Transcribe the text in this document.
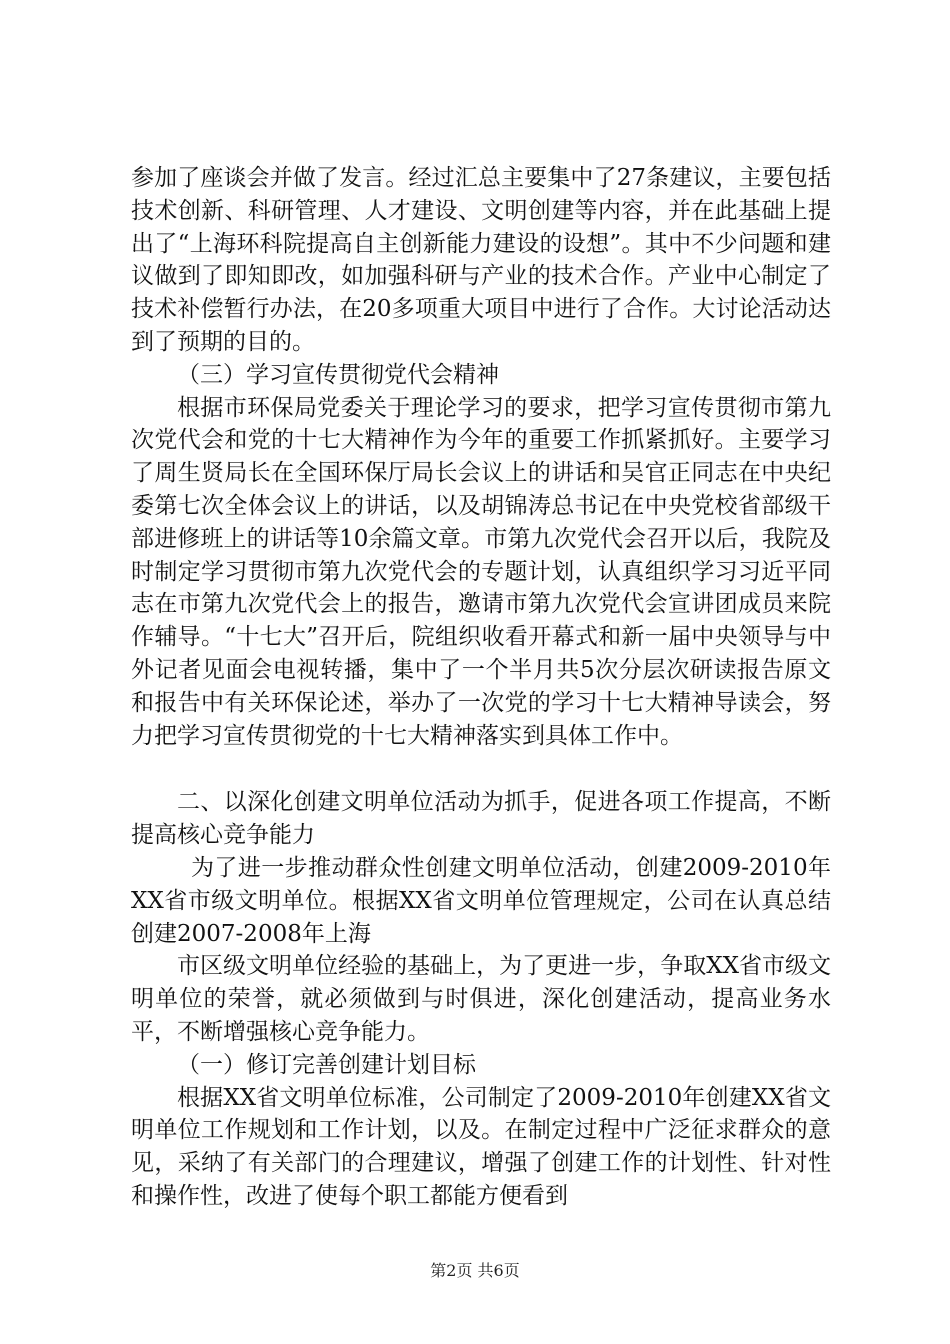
参加了座谈会并做了发言。经过汇总主要集中了27条建议，主要包括技术创新、科研管理、人才建设、文明创建等内容，并在此基础上提出了“上海环科院提高自主创新能力建设的设想”。其中不少问题和建议做到了即知即改，如加强科研与产业的技术合作。产业中心制定了技术补偿暂行办法，在20多项重大项目中进行了合作。大讨论活动达到了预期的目的。

（三）学习宣传贯彻党代会精神

根据市环保局党委关于理论学习的要求，把学习宣传贯彻市第九次党代会和党的十七大精神作为今年的重要工作抓紧抓好。主要学习了周生贤局长在全国环保厅局长会议上的讲话和吴官正同志在中央纪委第七次全体会议上的讲话，以及胡锦涛总书记在中央党校省部级干部进修班上的讲话等10余篇文章。市第九次党代会召开以后，我院及时制定学习贯彻市第九次党代会的专题计划，认真组织学习习近平同志在市第九次党代会上的报告，邀请市第九次党代会宣讲团成员来院作辅导。“十七大”召开后，院组织收看开幕式和新一届中央领导与中外记者见面会电视转播，集中了一个半月共5次分层次研读报告原文和报告中有关环保论述，举办了一次党的学习十七大精神导读会，努力把学习宣传贯彻党的十七大精神落实到具体工作中。

二、以深化创建文明单位活动为抓手，促进各项工作提高，不断提高核心竞争能力

为了进一步推动群众性创建文明单位活动，创建2009-2010年XX省市级文明单位。根据XX省文明单位管理规定，公司在认真总结创建2007-2008年上海

市区级文明单位经验的基础上，为了更进一步，争取XX省市级文明单位的荣誉，就必须做到与时俱进，深化创建活动，提高业务水平，不断增强核心竞争能力。

（一）修订完善创建计划目标

根据XX省文明单位标准，公司制定了2009-2010年创建XX省文明单位工作规划和工作计划，以及。在制定过程中广泛征求群众的意见，采纳了有关部门的合理建议，增强了创建工作的计划性、针对性和操作性，改进了使每个职工都能方便看到

第2页 共6页
